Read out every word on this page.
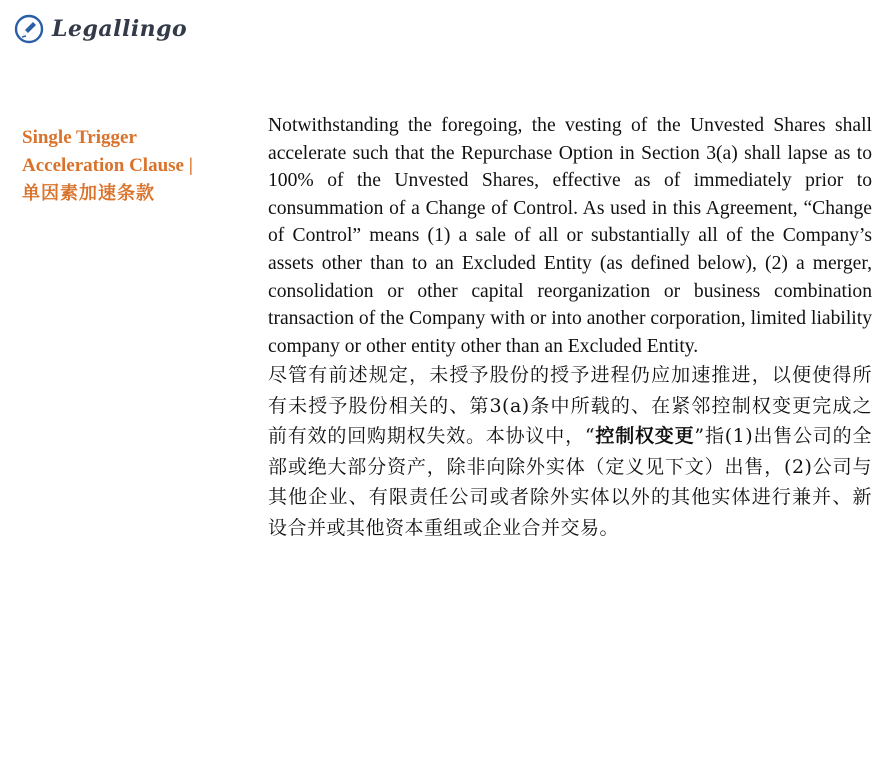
Legallingo
Single Trigger
Acceleration Clause |
单因素加速条款

Notwithstanding the foregoing, the vesting of the Unvested Shares shall accelerate such that the Repurchase Option in Section 3(a) shall lapse as to 100% of the Unvested Shares, effective as of immediately prior to consummation of a Change of Control. As used in this Agreement, “Change of Control” means (1) a sale of all or substantially all of the Company’s assets other than to an Excluded Entity (as defined below), (2) a merger, consolidation or other capital reorganization or business combination transaction of the Company with or into another corporation, limited liability company or other entity other than an Excluded Entity.

尽管有前述规定，未授予股份的授予进程仍应加速推进，以便使得所有未授予股份相关的、第3(a)条中所载的、在紧邻控制权变更完成之前有效的回购期权失效。本协议中，“控制权变更”指(1)出售公司的全部或绝大部分资产，除非向除外实体（定义见下文）出售，(2)公司与其他企业、有限责任公司或者除外实体以外的其他实体进行兼并、新设合并或其他资本重组或企业合并交易。
